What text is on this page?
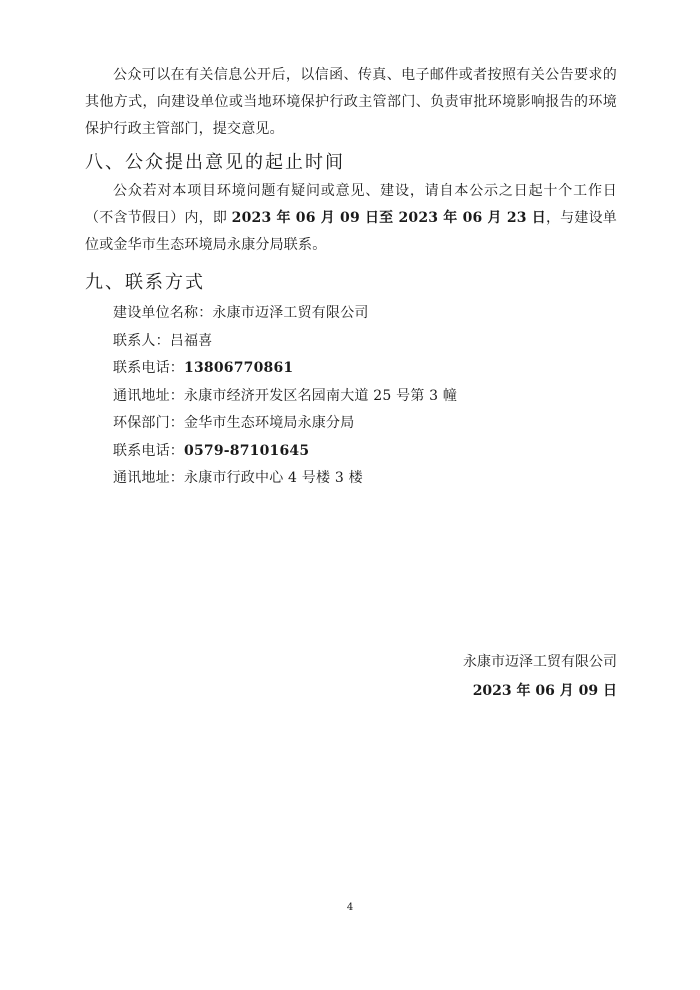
公众可以在有关信息公开后，以信函、传真、电子邮件或者按照有关公告要求的其他方式，向建设单位或当地环境保护行政主管部门、负责审批环境影响报告的环境保护行政主管部门，提交意见。

八、公众提出意见的起止时间

公众若对本项目环境问题有疑问或意见、建设，请自本公示之日起十个工作日（不含节假日）内，即 2023 年 06 月 09 日至 2023 年 06 月 23 日，与建设单位或金华市生态环境局永康分局联系。

九、联系方式
建设单位名称：永康市迈泽工贸有限公司
联系人：吕福喜
联系电话：13806770861
通讯地址：永康市经济开发区名园南大道 25 号第 3 幢
环保部门：金华市生态环境局永康分局
联系电话：0579-87101645
通讯地址：永康市行政中心 4 号楼 3 楼
永康市迈泽工贸有限公司
2023 年 06 月 09 日
4
